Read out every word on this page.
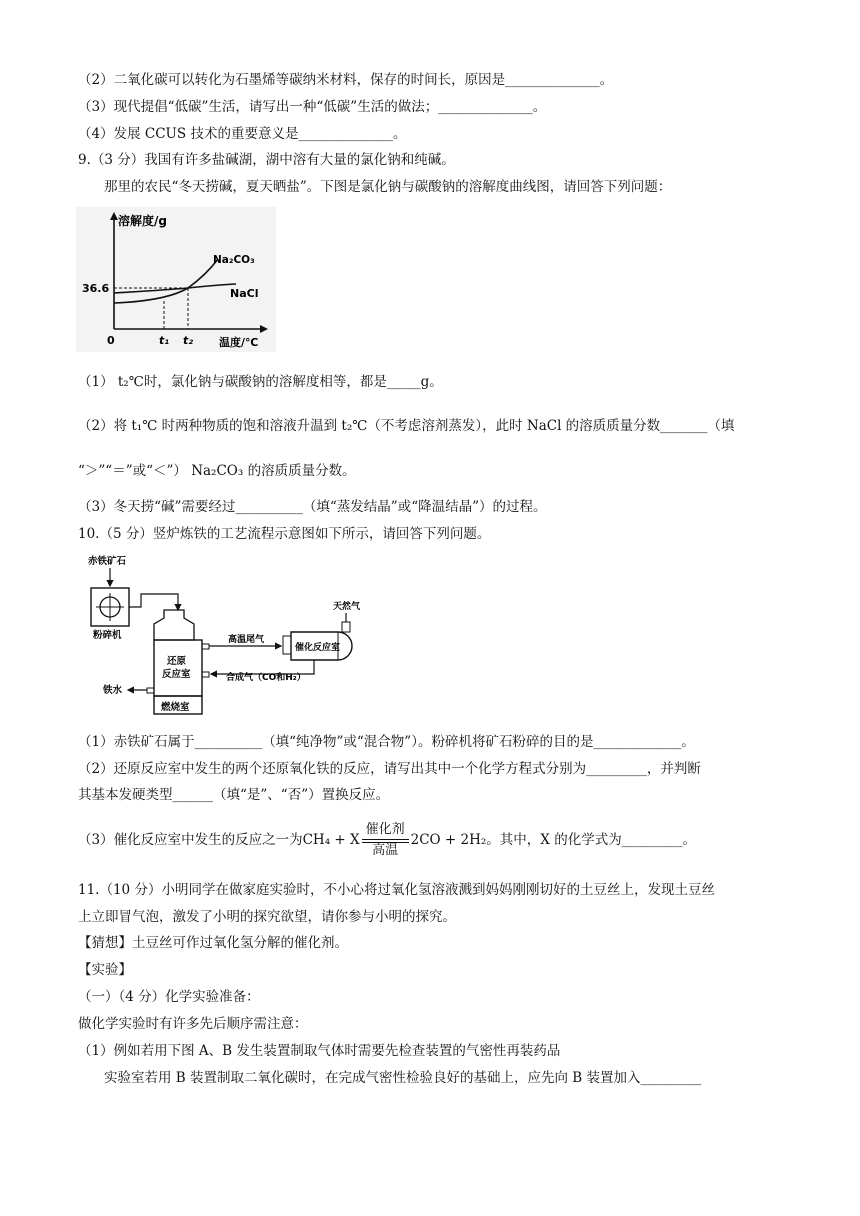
（2）二氧化碳可以转化为石墨烯等碳纳米材料，保存的时间长，原因是______________。
（3）现代提倡“低碳”生活，请写出一种“低碳”生活的做法；______________。
（4）发展 CCUS 技术的重要意义是______________。
9.（3 分）我国有许多盐碱湖，湖中溶有大量的氯化钠和纯碱。
那里的农民“冬天捞碱，夏天晒盐”。下图是氯化钠与碳酸钠的溶解度曲线图，请回答下列问题：
溶解度/g
36.6
Na₂CO₃
NaCl
0	t₁ t₂ 温度/℃
（1） t₂℃时，氯化钠与碳酸钠的溶解度相等，都是_____g。
（2）将 t₁℃ 时两种物质的饱和溶液升温到 t₂℃（不考虑溶剂蒸发），此时 NaCl 的溶质质量分数_______（填
“＞”“＝”或“＜”） Na₂CO₃ 的溶质质量分数。
（3）冬天捞“碱”需要经过__________（填“蒸发结晶”或“降温结晶”）的过程。
10.（5 分）竖炉炼铁的工艺流程示意图如下所示，请回答下列问题。
赤铁矿石
粉碎机
还原
反应室
燃烧室
铁水
高温尾气
催化反应室
天然气
合成气（CO和H₂）
（1）赤铁矿石属于__________（填“纯净物”或“混合物”）。粉碎机将矿石粉碎的目的是_____________。
（2）还原反应室中发生的两个还原氧化铁的反应，请写出其中一个化学方程式分别为_________，并判断
其基本发硬类型______（填“是”、“否”）置换反应。
（3）催化反应室中发生的反应之一为 CH₄ + X $\frac{\text{催化剂}}{\text{高温}} 2CO + 2H_2$ 。其中，X 的化学式为_________。
11.（10 分）小明同学在做家庭实验时，不小心将过氧化氢溶液溅到妈妈刚刚切好的土豆丝上，发现土豆丝
上立即冒气泡，激发了小明的探究欲望，请你参与小明的探究。
【猜想】土豆丝可作过氧化氢分解的催化剂。
【实验】
（一）（4 分）化学实验准备：
做化学实验时有许多先后顺序需注意：
（1）例如若用下图 A、B 发生装置制取气体时需要先检查装置的气密性再装药品
实验室若用 B 装置制取二氧化碳时，在完成气密性检验良好的基础上，应先向 B 装置加入_________
